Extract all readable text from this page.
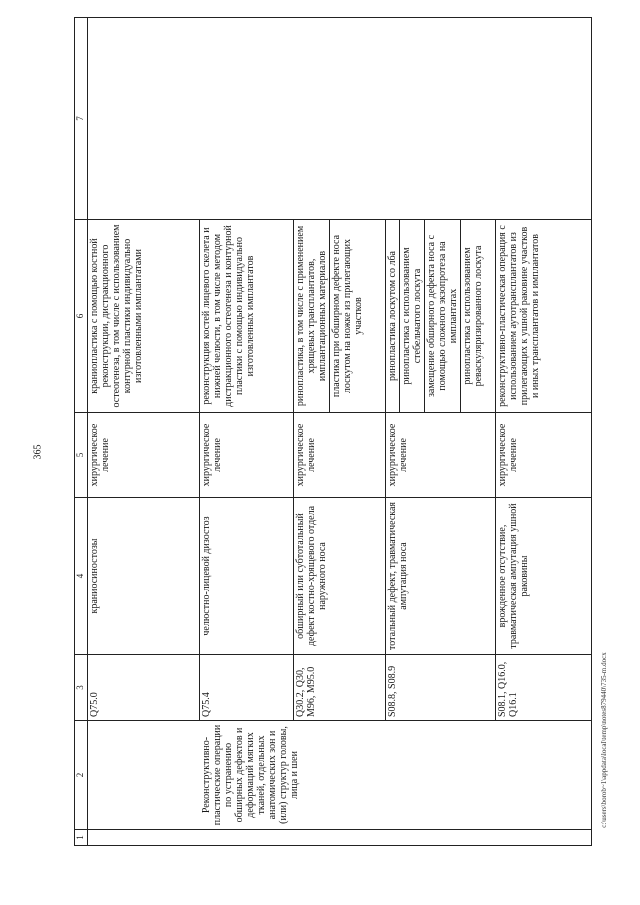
365
c:\users\borob~1\appdata\local\temp\notes879440\735-m.docx
1	2	3	4	5	6	7

Реконструктивно-пластические операции по устранению обширных дефектов и деформаций мягких тканей, отдельных анатомических зон и (или) структур головы, лица и шеи	Q75.0	краниосиностозы	хирургическое лечение	краниопластика с помощью костной реконструкции, дистракционного остеогенеза, в том числе с использованием контурной пластики индивидуально изготовленными имплантатами	
		Q75.4	челюстно-лицевой дизостоз	хирургическое лечение	реконструкция костей лицевого скелета и нижней челюсти, в том числе методом дистракционного остеогенеза и контурной пластики с помощью индивидуально изготовленных имплантатов	
		Q30.2, Q30, M96, M95.0	обширный или субтотальный дефект костно-хрящевого отдела наружного носа	хирургическое лечение	ринопластика, в том числе с применением хрящевых трансплантатов, имплантационных материалов пластика при обширном дефекте носа лоскутом на ножке из прилегающих участков	

		S08.8, S08.9	тотальный дефект, травматическая ампутация носа	хирургическое лечение	ринопластика лоскутом со лба ринопластика с использованием стебельчатого лоскута замещение обширного дефекта носа с помощью сложного экзопротеза на имплантатах ринопластика с использованием реваскуляризированного лоскута	

		S08.1, Q16.0, Q16.1	врожденное отсутствие, травматическая ампутация ушной раковины	хирургическое лечение	реконструктивно-пластическая операция с использованием аутотрансплантатов из прилегающих к ушной раковине участков и иных трансплантатов и имплантатов	
